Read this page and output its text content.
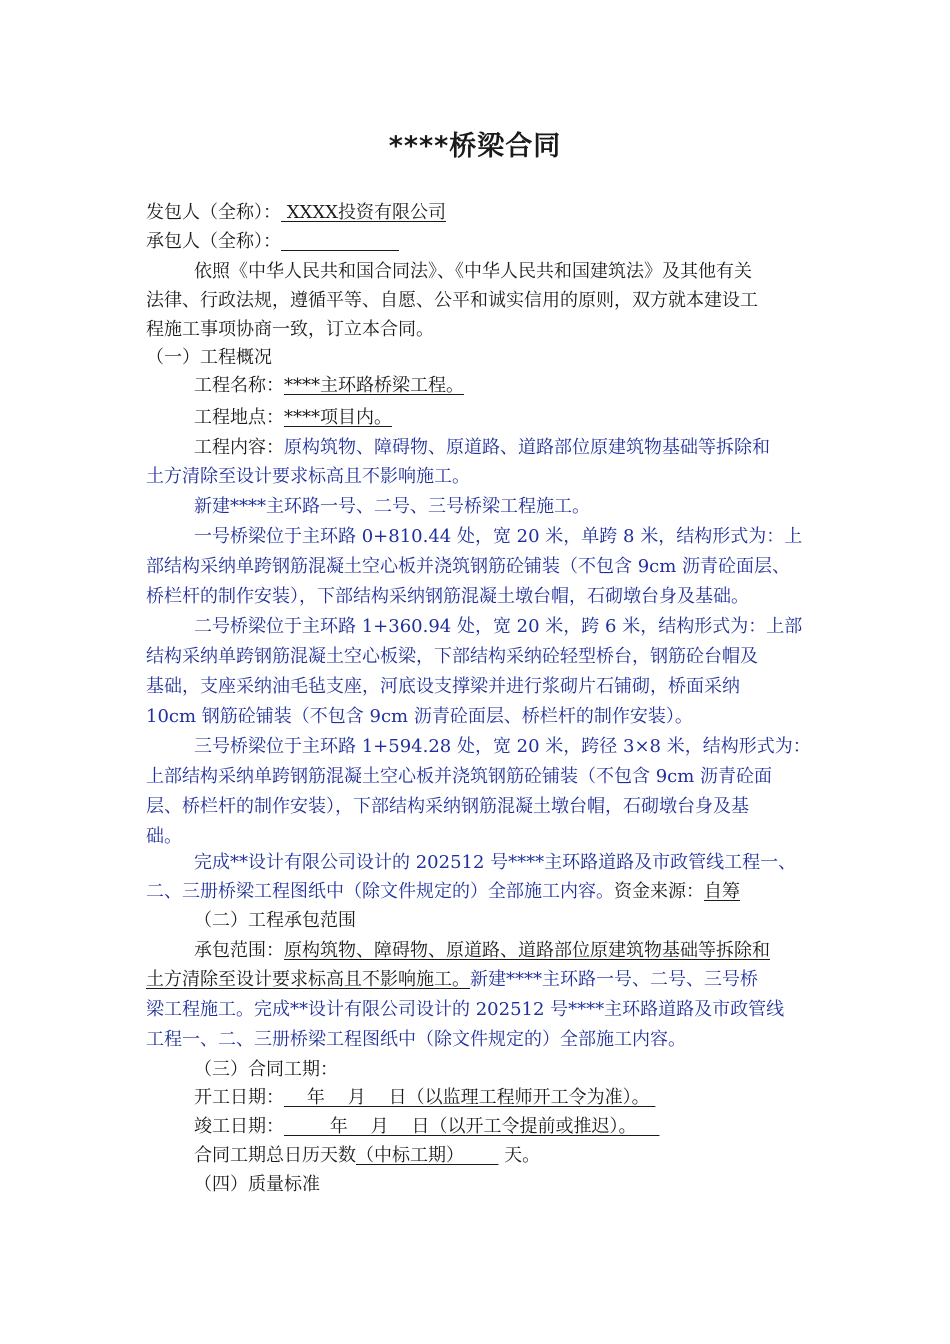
****桥梁合同
发包人（全称）： XXXX投资有限公司
承包人（全称）：
依照《中华人民共和国合同法》、《中华人民共和国建筑法》及其他有关
法律、行政法规，遵循平等、自愿、公平和诚实信用的原则，双方就本建设工
程施工事项协商一致，订立本合同。
（一）工程概况
工程名称：****主环路桥梁工程。
工程地点：****项目内。
工程内容：原构筑物、障碍物、原道路、道路部位原建筑物基础等拆除和
土方清除至设计要求标高且不影响施工。
新建****主环路一号、二号、三号桥梁工程施工。
一号桥梁位于主环路 0+810.44 处，宽 20 米，单跨 8 米，结构形式为：上
部结构采纳单跨钢筋混凝土空心板并浇筑钢筋砼铺装（不包含 9cm 沥青砼面层、
桥栏杆的制作安装），下部结构采纳钢筋混凝土墩台帽，石砌墩台身及基础。
二号桥梁位于主环路 1+360.94 处，宽 20 米，跨 6 米，结构形式为：上部
结构采纳单跨钢筋混凝土空心板梁，下部结构采纳砼轻型桥台，钢筋砼台帽及
基础，支座采纳油毛毡支座，河底设支撑梁并进行浆砌片石铺砌，桥面采纳
10cm 钢筋砼铺装（不包含 9cm 沥青砼面层、桥栏杆的制作安装）。
三号桥梁位于主环路 1+594.28 处，宽 20 米，跨径 3×8 米，结构形式为：
上部结构采纳单跨钢筋混凝土空心板并浇筑钢筋砼铺装（不包含 9cm 沥青砼面
层、桥栏杆的制作安装），下部结构采纳钢筋混凝土墩台帽，石砌墩台身及基
础。
完成**设计有限公司设计的 202512 号****主环路道路及市政管线工程一、
二、三册桥梁工程图纸中（除文件规定的）全部施工内容。资金来源：自筹
（二）工程承包范围
承包范围：原构筑物、障碍物、原道路、道路部位原建筑物基础等拆除和
土方清除至设计要求标高且不影响施工。新建****主环路一号、二号、三号桥
梁工程施工。完成**设计有限公司设计的 202512 号****主环路道路及市政管线
工程一、二、三册桥梁工程图纸中（除文件规定的）全部施工内容。
（三）合同工期：
开工日期：    年    月    日（以监理工程师开工令为准）。
竣工日期：        年    月    日（以开工令提前或推迟）。
合同工期总日历天数（中标工期）       天。
（四）质量标准
